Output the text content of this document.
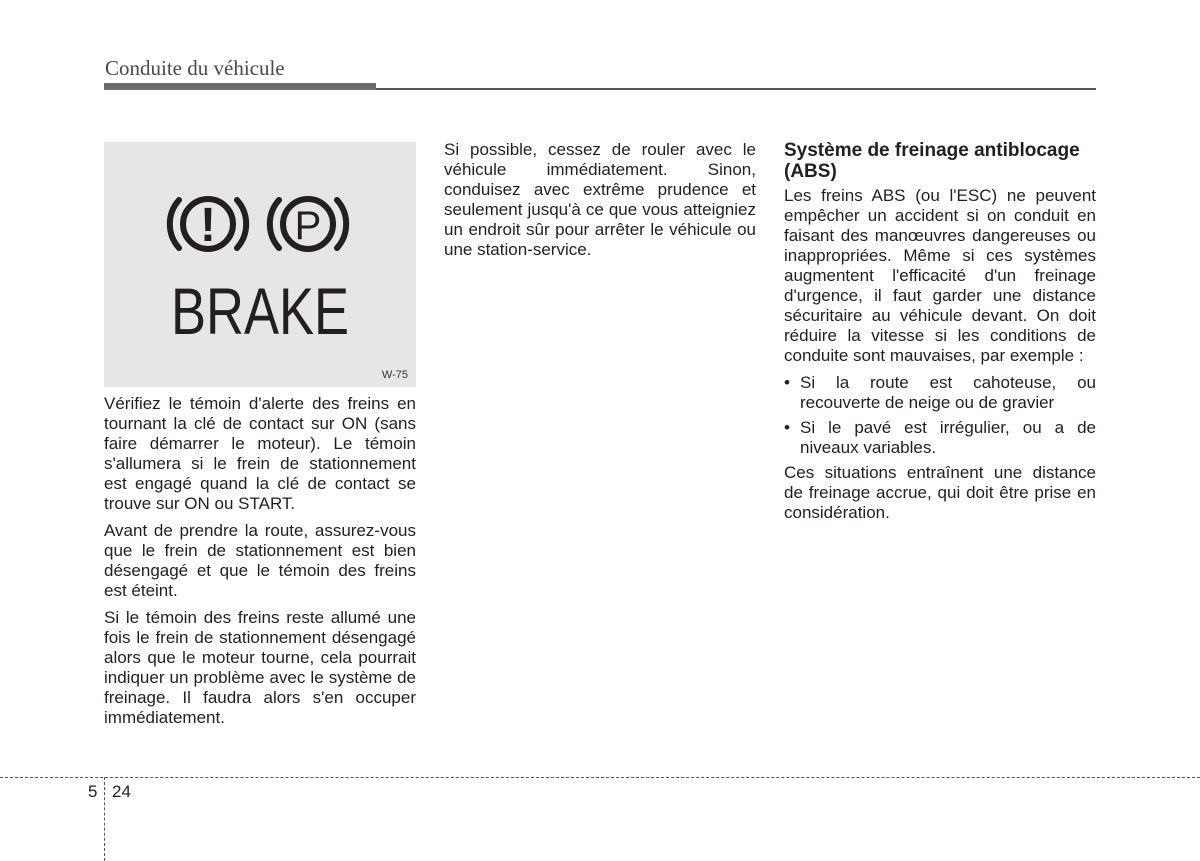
Conduite du véhicule
! P
BRAKE
W-75

Vérifiez le témoin d'alerte des freins en tournant la clé de contact sur ON (sans faire démarrer le moteur). Le témoin s'allumera si le frein de stationnement est engagé quand la clé de contact se trouve sur ON ou START.

Avant de prendre la route, assurez-vous que le frein de stationnement est bien désengagé et que le témoin des freins est éteint.

Si le témoin des freins reste allumé une fois le frein de stationnement désengagé alors que le moteur tourne, cela pourrait indiquer un problème avec le système de freinage. Il faudra alors s'en occuper immédiatement.

Si possible, cessez de rouler avec le véhicule immédiatement. Sinon, conduisez avec extrême prudence et seulement jusqu'à ce que vous atteigniez un endroit sûr pour arrêter le véhicule ou une station-service.

Système de freinage antiblocage (ABS)

Les freins ABS (ou l'ESC) ne peuvent empêcher un accident si on conduit en faisant des manœuvres dangereuses ou inappropriées. Même si ces systèmes augmentent l'efficacité d'un freinage d'urgence, il faut garder une distance sécuritaire au véhicule devant. On doit réduire la vitesse si les conditions de conduite sont mauvaises, par exemple :

• Si la route est cahoteuse, ou recouverte de neige ou de gravier
• Si le pavé est irrégulier, ou a de niveaux variables.

Ces situations entraînent une distance de freinage accrue, qui doit être prise en considération.

5 24
